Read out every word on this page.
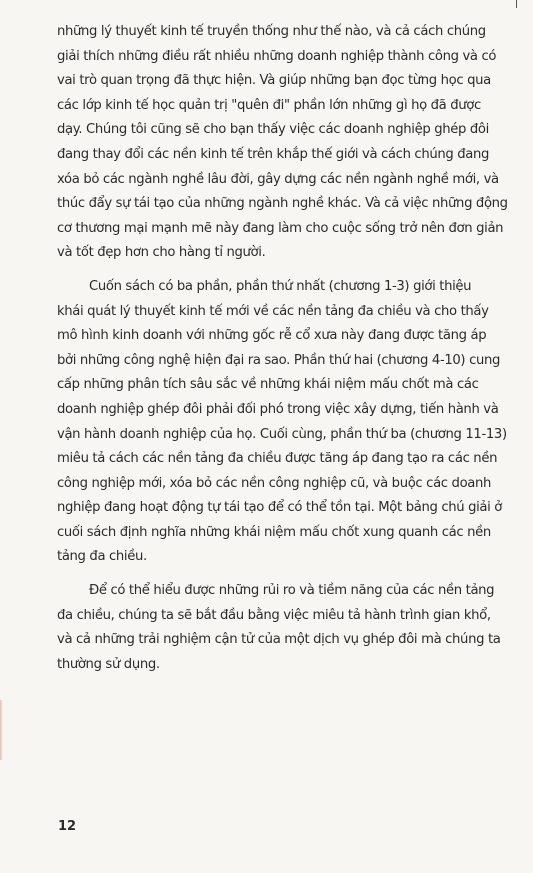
những lý thuyết kinh tế truyền thống như thế nào, và cả cách chúng
giải thích những điều rất nhiều những doanh nghiệp thành công và có
vai trò quan trọng đã thực hiện. Và giúp những bạn đọc từng học qua
các lớp kinh tế học quản trị "quên đi" phần lớn những gì họ đã được
dạy. Chúng tôi cũng sẽ cho bạn thấy việc các doanh nghiệp ghép đôi
đang thay đổi các nền kinh tế trên khắp thế giới và cách chúng đang
xóa bỏ các ngành nghề lâu đời, gây dựng các nền ngành nghề mới, và
thúc đẩy sự tái tạo của những ngành nghề khác. Và cả việc những động
cơ thương mại mạnh mẽ này đang làm cho cuộc sống trở nên đơn giản
và tốt đẹp hơn cho hàng tỉ người.
Cuốn sách có ba phần, phần thứ nhất (chương 1-3) giới thiệu
khái quát lý thuyết kinh tế mới về các nền tảng đa chiều và cho thấy
mô hình kinh doanh với những gốc rễ cổ xưa này đang được tăng áp
bởi những công nghệ hiện đại ra sao. Phần thứ hai (chương 4-10) cung
cấp những phân tích sâu sắc về những khái niệm mấu chốt mà các
doanh nghiệp ghép đôi phải đối phó trong việc xây dựng, tiến hành và
vận hành doanh nghiệp của họ. Cuối cùng, phần thứ ba (chương 11-13)
miêu tả cách các nền tảng đa chiều được tăng áp đang tạo ra các nền
công nghiệp mới, xóa bỏ các nền công nghiệp cũ, và buộc các doanh
nghiệp đang hoạt động tự tái tạo để có thể tồn tại. Một bảng chú giải ở
cuối sách định nghĩa những khái niệm mấu chốt xung quanh các nền
tảng đa chiều.
Để có thể hiểu được những rủi ro và tiềm năng của các nền tảng
đa chiều, chúng ta sẽ bắt đầu bằng việc miêu tả hành trình gian khổ,
và cả những trải nghiệm cận tử của một dịch vụ ghép đôi mà chúng ta
thường sử dụng.
12
